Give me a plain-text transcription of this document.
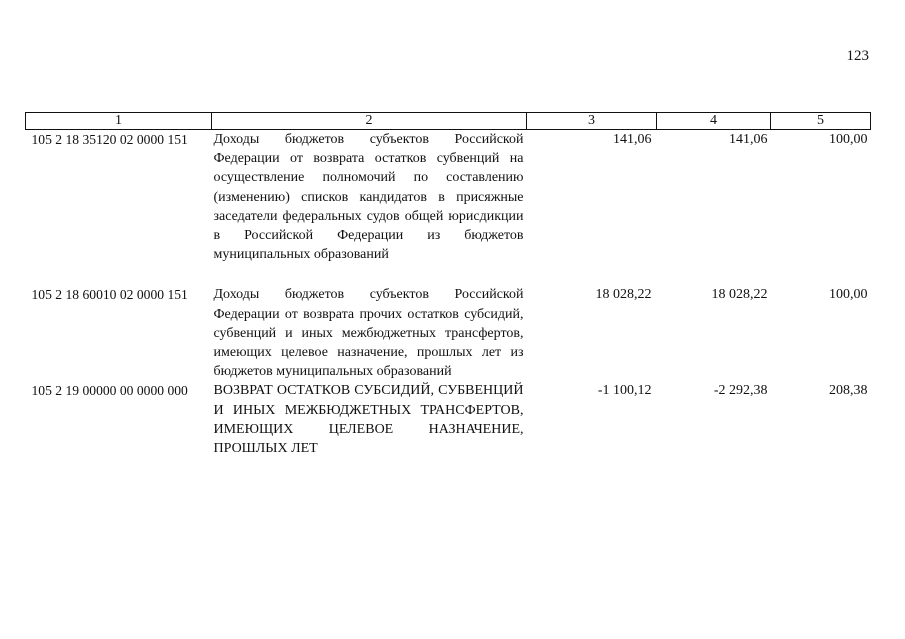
123
1	2	3	4	5
105 2 18 35120 02 0000 151	Доходы бюджетов субъектов Российской Федерации от возврата остатков субвенций на осуществление полномочий по составлению (изменению) списков кандидатов в присяжные заседатели федеральных судов общей юрисдикции в Российской Федерации из бюджетов муниципальных образований	141,06	141,06	100,00

105 2 18 60010 02 0000 151	Доходы бюджетов субъектов Российской Федерации от возврата прочих остатков субсидий, субвенций и иных межбюджетных трансфертов, имеющих целевое назначение, прошлых лет из бюджетов муниципальных образований	18 028,22	18 028,22	100,00
105 2 19 00000 00 0000 000	ВОЗВРАТ ОСТАТКОВ СУБСИДИЙ, СУБВЕНЦИЙ И ИНЫХ МЕЖБЮДЖЕТНЫХ ТРАНСФЕРТОВ, ИМЕЮЩИХ ЦЕЛЕВОЕ НАЗНАЧЕНИЕ, ПРОШЛЫХ ЛЕТ	-1 100,12	-2 292,38	208,38
